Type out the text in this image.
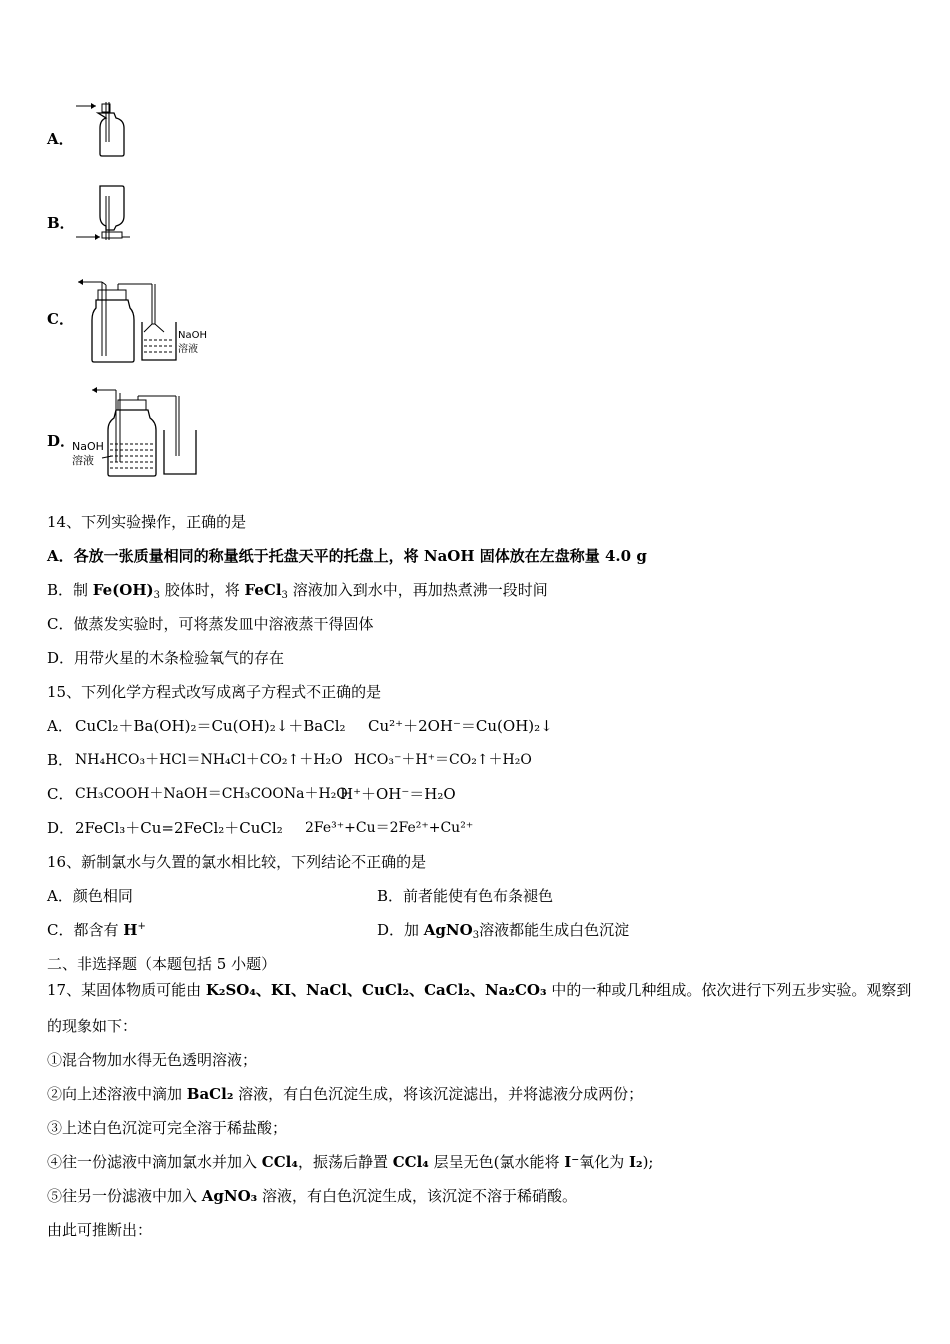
A．
B．
C．
NaOH
溶液
D．
NaOH
溶液
14、下列实验操作，正确的是
A．各放一张质量相同的称量纸于托盘天平的托盘上，将 NaOH 固体放在左盘称量 4.0 g
B．制 $Fe(OH)_3$ 胶体时，将 FeCl$_3$ 溶液加入到水中，再加热煮沸一段时间
C．做蒸发实验时，可将蒸发皿中溶液蒸干得固体
D．用带火星的木条检验氧气的存在
15、下列化学方程式改写成离子方程式不正确的是
A． CuCl₂＋Ba(OH)₂＝Cu(OH)₂↓＋BaCl₂ Cu²⁺＋2OH⁻＝Cu(OH)₂↓
B． NH₄HCO₃＋HCl＝NH₄Cl＋CO₂↑＋H₂O HCO₃⁻＋H⁺＝CO₂↑＋H₂O
C． CH₃COOH＋NaOH＝CH₃COONa＋H₂O
H⁺＋OH⁻＝H₂O
D． 2FeCl₃＋Cu=2FeCl₂＋CuCl₂ 2Fe³⁺+Cu＝2Fe²⁺+Cu²⁺
16、新制氯水与久置的氯水相比较，下列结论不正确的是
A．颜色相同	B．前者能使有色布条褪色
C．都含有 H+	D．加 AgNO$_3$溶液都能生成白色沉淀
二、非选择题（本题包括 5 小题）
17、某固体物质可能由 K₂SO₄、KI、NaCl、CuCl₂、CaCl₂、Na₂CO₃ 中的一种或几种组成。依次进行下列五步实验。观察到
的现象如下：
①混合物加水得无色透明溶液；
②向上述溶液中滴加 BaCl₂ 溶液，有白色沉淀生成，将该沉淀滤出，并将滤液分成两份；
③上述白色沉淀可完全溶于稀盐酸；
④往一份滤液中滴加氯水并加入 CCl₄，振荡后静置 CCl₄ 层呈无色(氯水能将 I⁻氧化为 I₂);
⑤往另一份滤液中加入 AgNO₃ 溶液，有白色沉淀生成，该沉淀不溶于稀硝酸。
由此可推断出：
